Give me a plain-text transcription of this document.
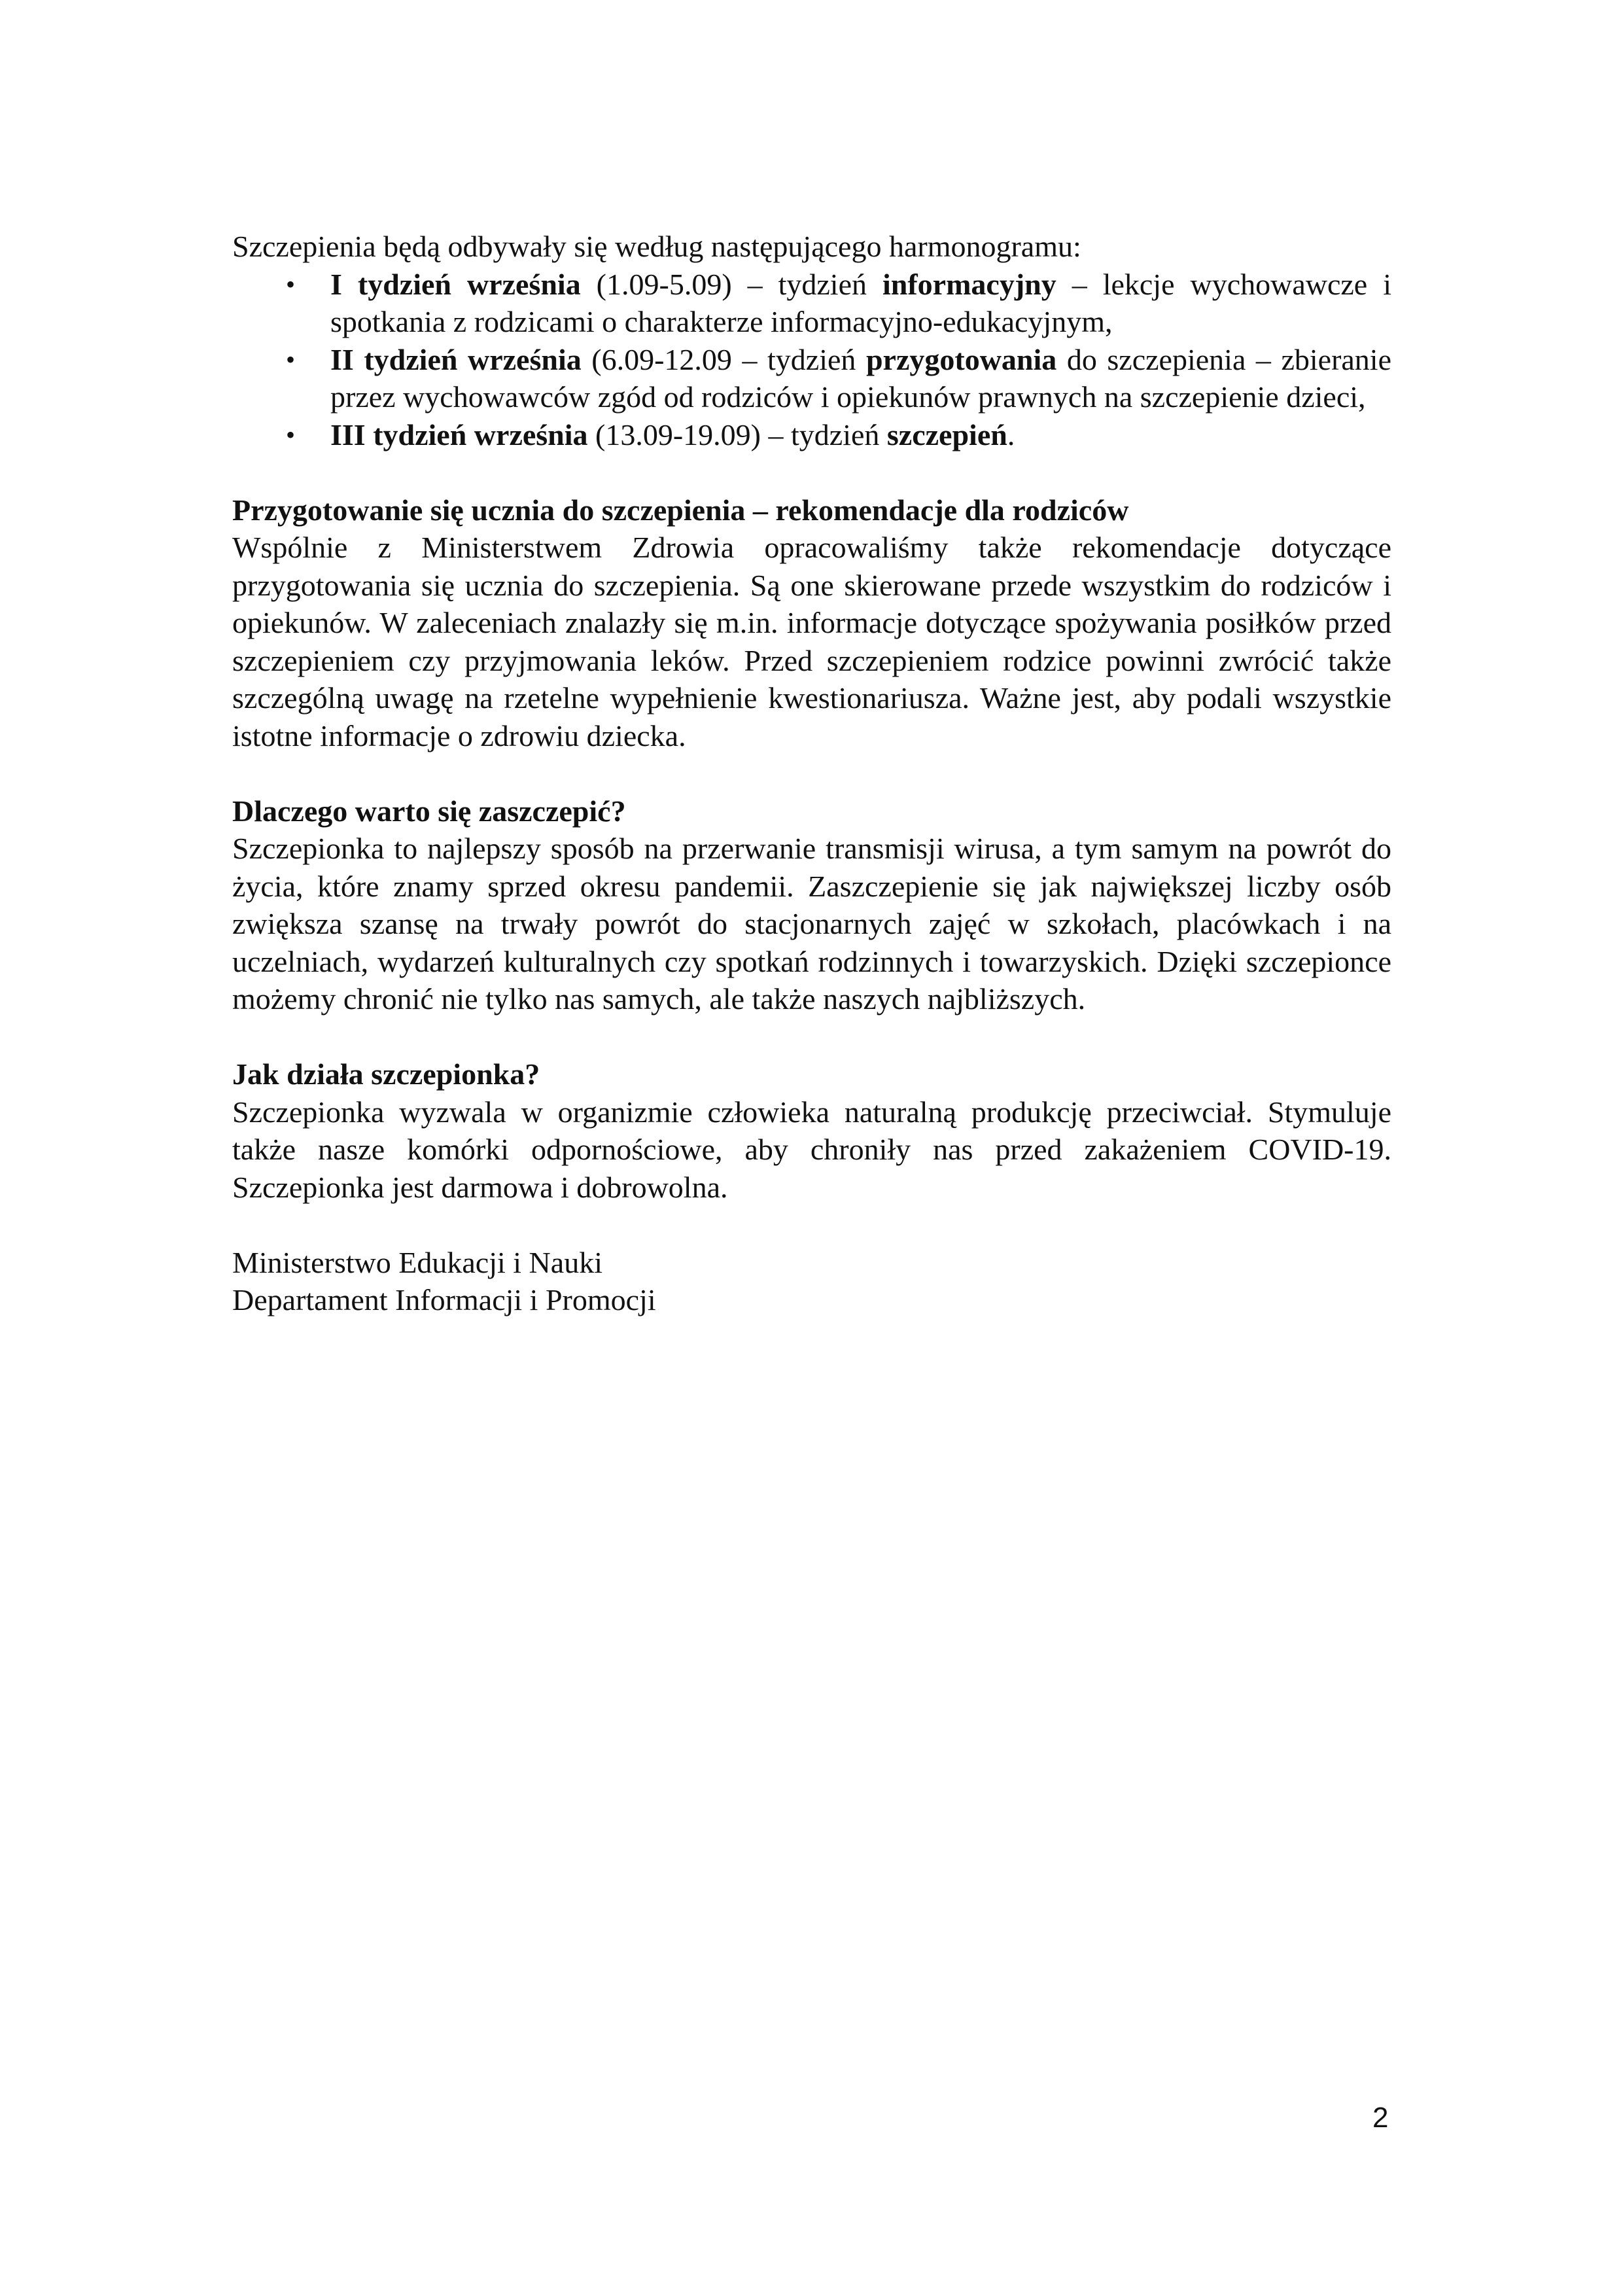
Szczepienia będą odbywały się według następującego harmonogramu:

• I tydzień września (1.09-5.09) – tydzień informacyjny – lekcje wychowawcze i spotkania z rodzicami o charakterze informacyjno-edukacyjnym,
• II tydzień września (6.09-12.09 – tydzień przygotowania do szczepienia – zbieranie przez wychowawców zgód od rodziców i opiekunów prawnych na szczepienie dzieci,
• III tydzień września (13.09-19.09) – tydzień szczepień.
Przygotowanie się ucznia do szczepienia – rekomendacje dla rodziców

Wspólnie z Ministerstwem Zdrowia opracowaliśmy także rekomendacje dotyczące przygotowania się ucznia do szczepienia. Są one skierowane przede wszystkim do rodziców i opiekunów. W zaleceniach znalazły się m.in. informacje dotyczące spożywania posiłków przed szczepieniem czy przyjmowania leków. Przed szczepieniem rodzice powinni zwrócić także szczególną uwagę na rzetelne wypełnienie kwestionariusza. Ważne jest, aby podali wszystkie istotne informacje o zdrowiu dziecka.

Dlaczego warto się zaszczepić?

Szczepionka to najlepszy sposób na przerwanie transmisji wirusa, a tym samym na powrót do życia, które znamy sprzed okresu pandemii. Zaszczepienie się jak największej liczby osób zwiększa szansę na trwały powrót do stacjonarnych zajęć w szkołach, placówkach i na uczelniach, wydarzeń kulturalnych czy spotkań rodzinnych i towarzyskich. Dzięki szczepionce możemy chronić nie tylko nas samych, ale także naszych najbliższych.

Jak działa szczepionka?

Szczepionka wyzwala w organizmie człowieka naturalną produkcję przeciwciał. Stymuluje także nasze komórki odpornościowe, aby chroniły nas przed zakażeniem COVID-19. Szczepionka jest darmowa i dobrowolna.

Ministerstwo Edukacji i Nauki

Departament Informacji i Promocji

2
